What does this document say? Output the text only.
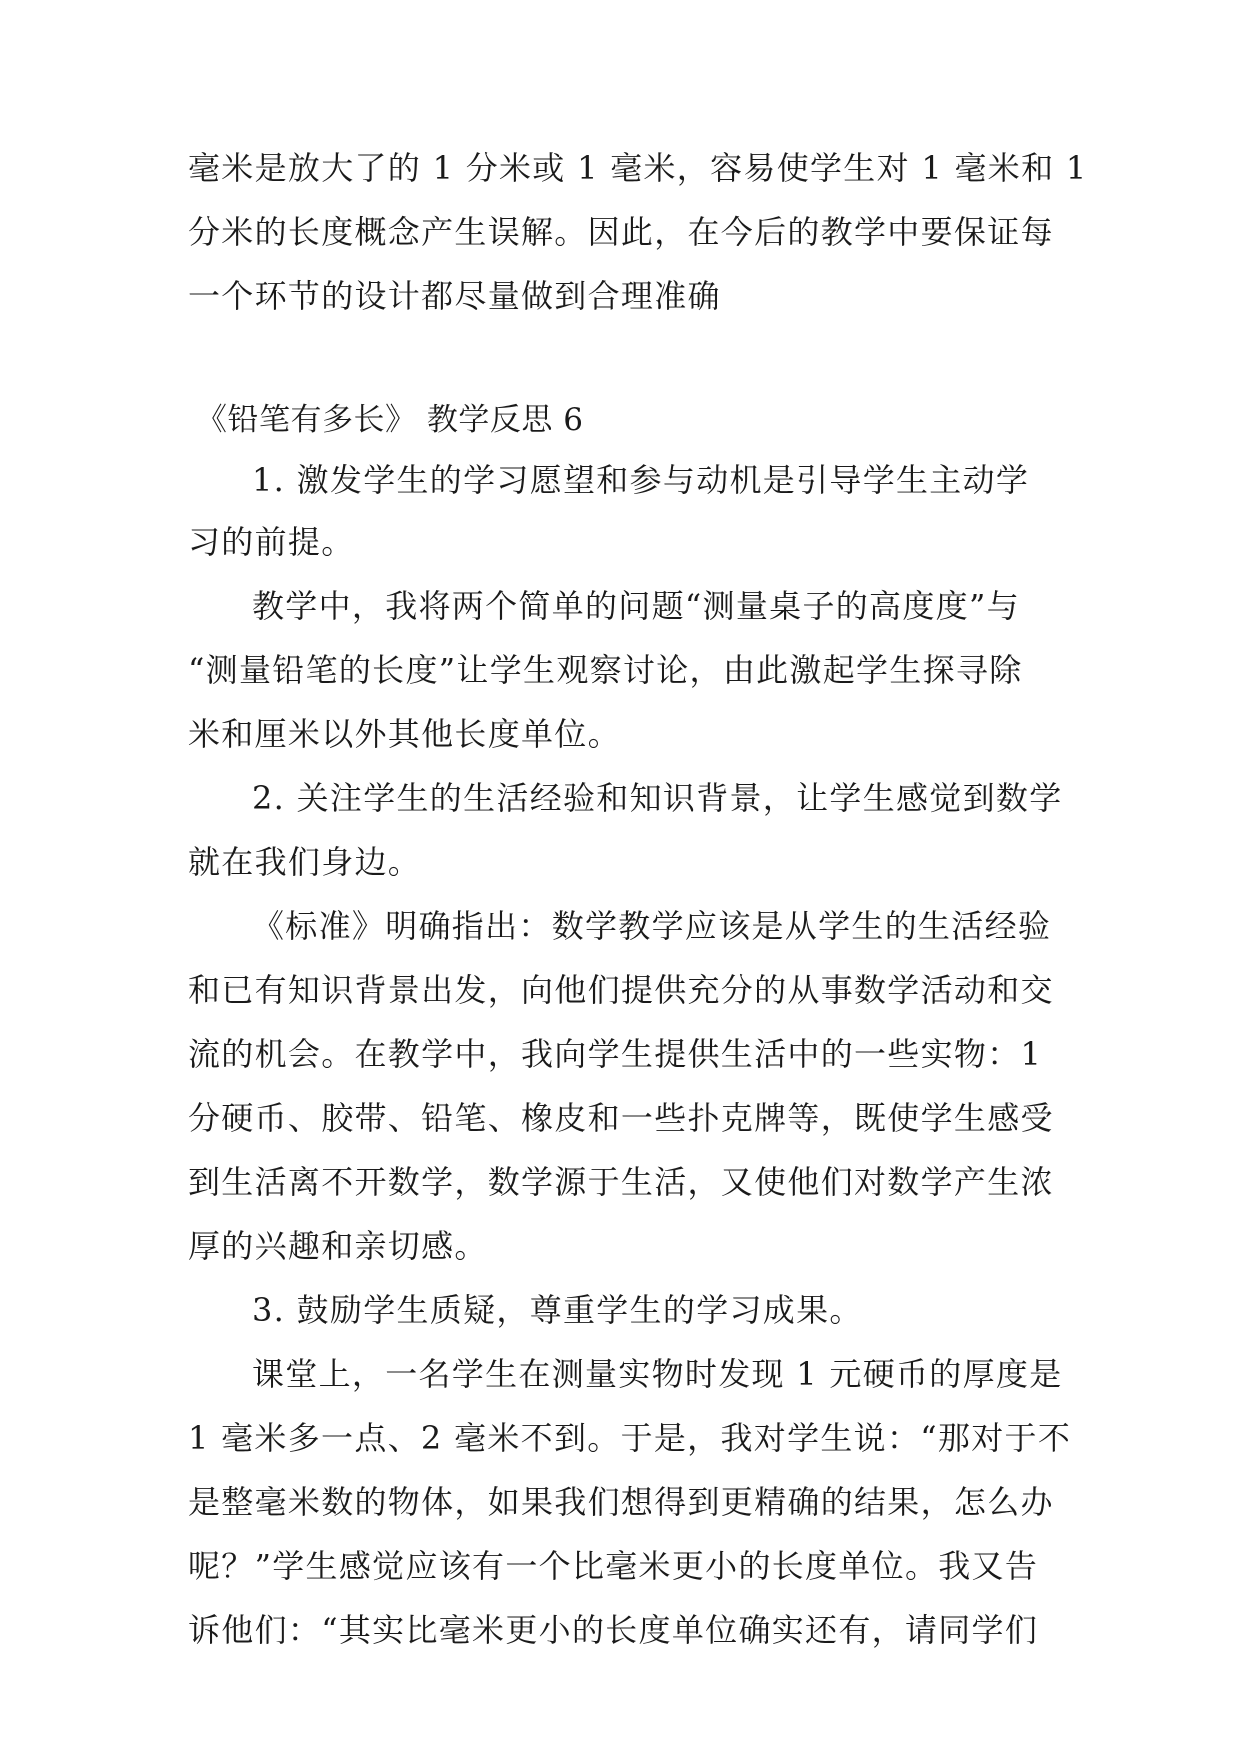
毫米是放大了的 1 分米或 1 毫米，容易使学生对 1 毫米和 1
分米的长度概念产生误解。因此，在今后的教学中要保证每
一个环节的设计都尽量做到合理准确
《铅笔有多长》 教学反思 6
1. 激发学生的学习愿望和参与动机是引导学生主动学
习的前提。
教学中，我将两个简单的问题“测量桌子的高度度”与
“测量铅笔的长度”让学生观察讨论，由此激起学生探寻除
米和厘米以外其他长度单位。
2. 关注学生的生活经验和知识背景，让学生感觉到数学
就在我们身边。
《标准》明确指出：数学教学应该是从学生的生活经验
和已有知识背景出发，向他们提供充分的从事数学活动和交
流的机会。在教学中，我向学生提供生活中的一些实物：1
分硬币、胶带、铅笔、橡皮和一些扑克牌等，既使学生感受
到生活离不开数学，数学源于生活，又使他们对数学产生浓
厚的兴趣和亲切感。
3. 鼓励学生质疑，尊重学生的学习成果。
课堂上，一名学生在测量实物时发现 1 元硬币的厚度是
1 毫米多一点、2 毫米不到。于是，我对学生说：“那对于不
是整毫米数的物体，如果我们想得到更精确的结果，怎么办
呢？”学生感觉应该有一个比毫米更小的长度单位。我又告
诉他们：“其实比毫米更小的长度单位确实还有，请同学们
